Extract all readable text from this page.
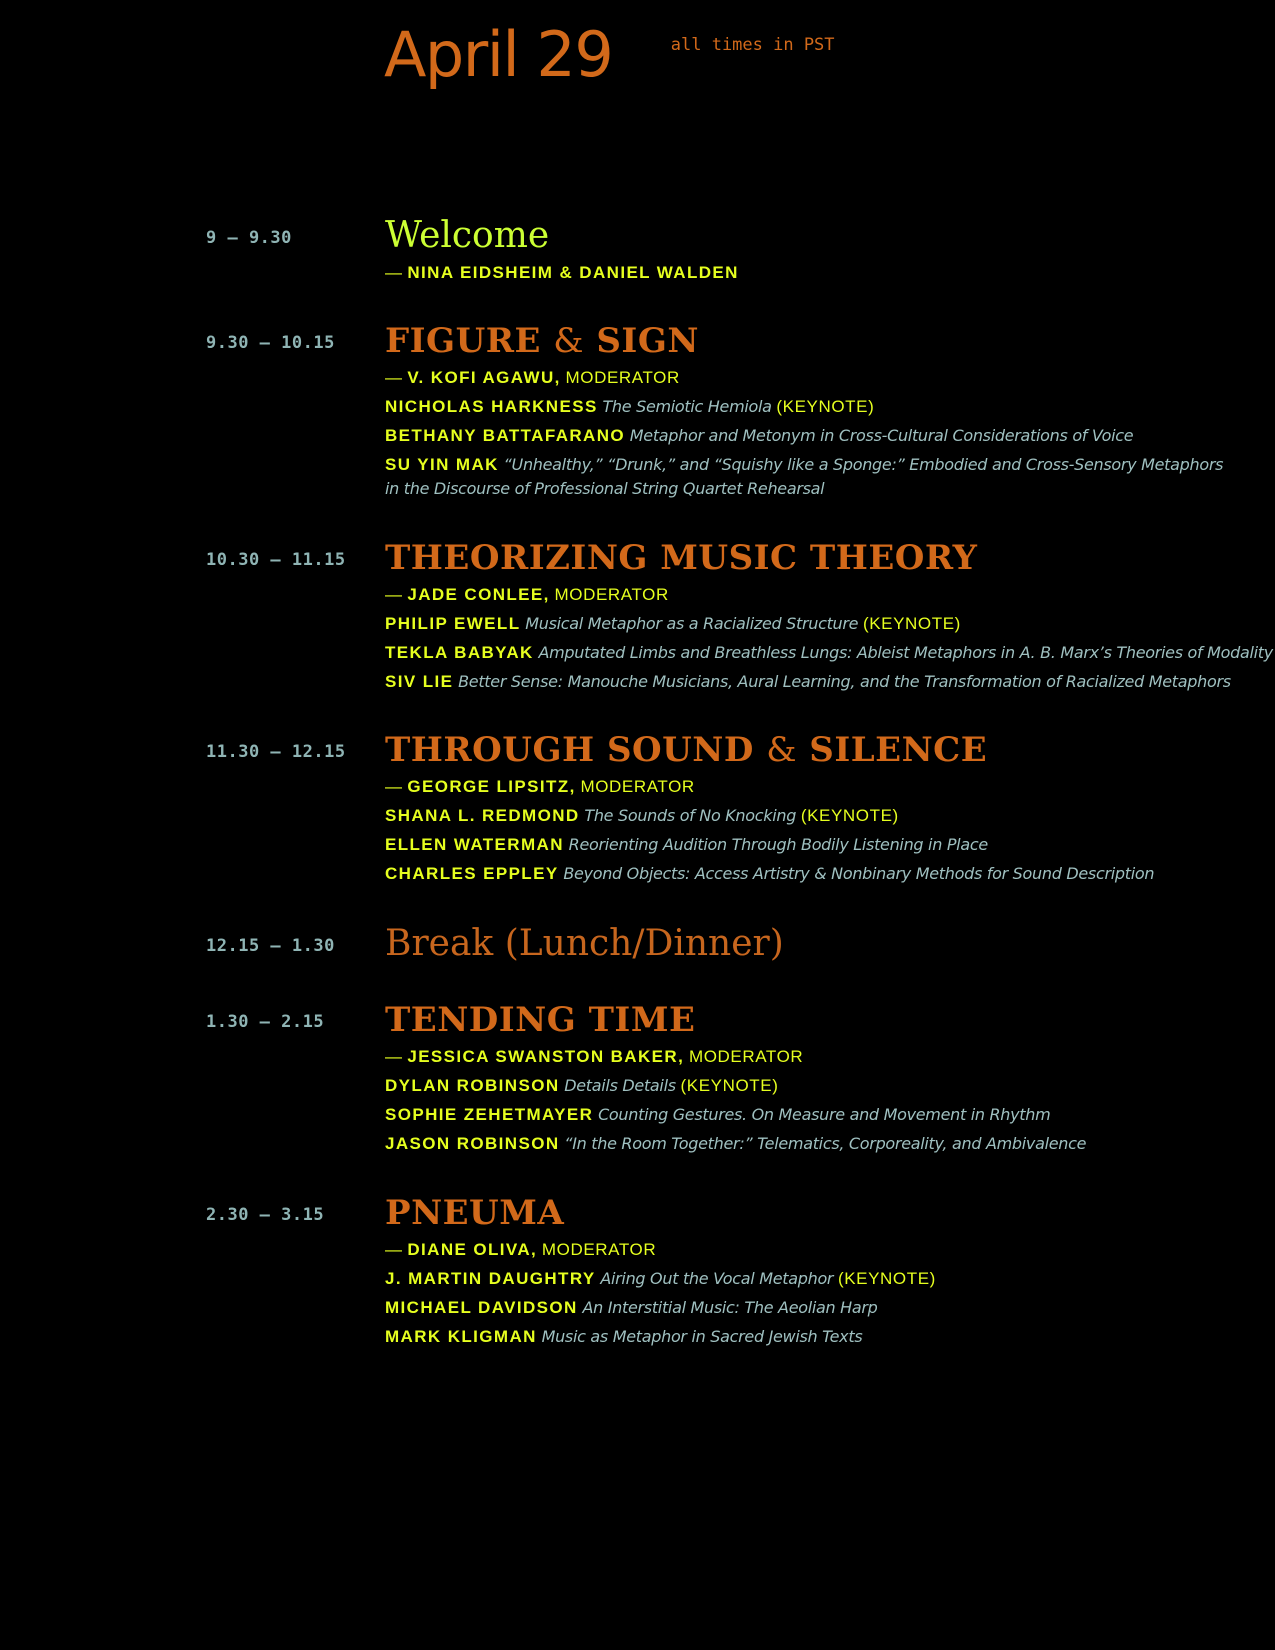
April 29	all times in PST
9 – 9.30	Welcome
— NINA EIDSHEIM & DANIEL WALDEN
9.30 – 10.15 FIGURE & SIGN
— V. KOFI AGAWU, MODERATOR
NICHOLAS HARKNESS The Semiotic Hemiola (KEYNOTE)
BETHANY BATTAFARANO Metaphor and Metonym in Cross-Cultural Considerations of Voice
SU YIN MAK “Unhealthy,” “Drunk,” and “Squishy like a Sponge:” Embodied and Cross-Sensory Metaphors in the Discourse of Professional String Quartet Rehearsal
10.30 – 11.15 THEORIZING MUSIC THEORY
— JADE CONLEE, MODERATOR
PHILIP EWELL Musical Metaphor as a Racialized Structure (KEYNOTE)
TEKLA BABYAK Amputated Limbs and Breathless Lungs: Ableist Metaphors in A. B. Marx’s Theories of Modality
SIV LIE Better Sense: Manouche Musicians, Aural Learning, and the Transformation of Racialized Metaphors
11.30 – 12.15 THROUGH SOUND & SILENCE
— GEORGE LIPSITZ, MODERATOR
SHANA L. REDMOND The Sounds of No Knocking (KEYNOTE)
ELLEN WATERMAN Reorienting Audition Through Bodily Listening in Place
CHARLES EPPLEY Beyond Objects: Access Artistry & Nonbinary Methods for Sound Description
12.15 – 1.30 Break (Lunch/Dinner)
1.30 – 2.15 TENDING TIME
— JESSICA SWANSTON BAKER, MODERATOR
DYLAN ROBINSON Details Details (KEYNOTE)
SOPHIE ZEHETMAYER Counting Gestures. On Measure and Movement in Rhythm
JASON ROBINSON “In the Room Together:” Telematics, Corporeality, and Ambivalence
2.30 – 3.15 PNEUMA
— DIANE OLIVA, MODERATOR
J. MARTIN DAUGHTRY Airing Out the Vocal Metaphor (KEYNOTE)
MICHAEL DAVIDSON An Interstitial Music: The Aeolian Harp
MARK KLIGMAN Music as Metaphor in Sacred Jewish Texts
